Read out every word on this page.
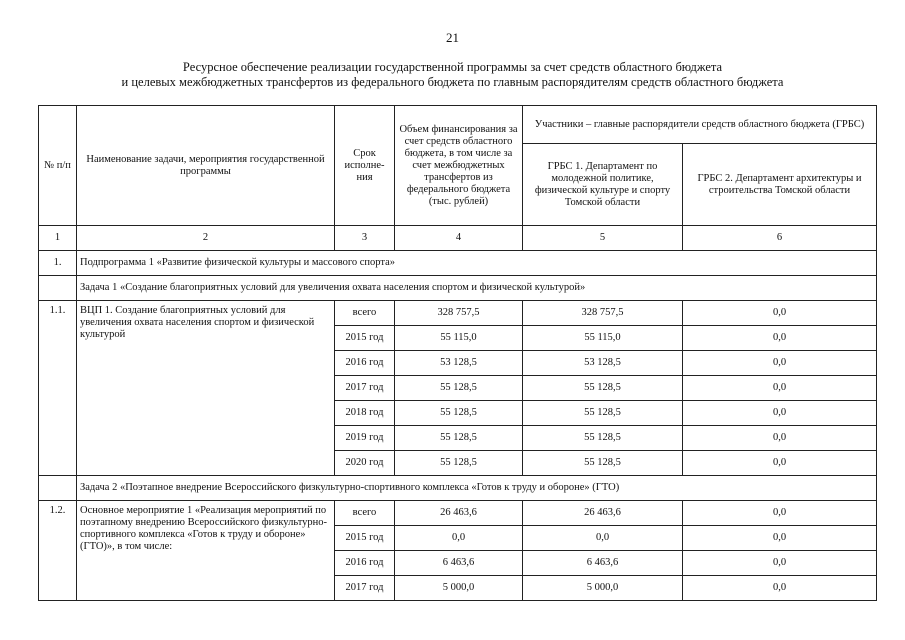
21
Ресурсное обеспечение реализации государственной программы за счет средств областного бюджета
и целевых межбюджетных трансфертов из федерального бюджета по главным распорядителям средств областного бюджета
№ п/п	Наименование задачи, мероприятия государственной программы	Срок исполне-ния	Объем финансирования за счет средств областного бюджета, в том числе за счет межбюджетных трансфертов из федерального бюджета (тыс. рублей)	Участники – главные распорядители средств областного бюджета (ГРБС)	
				ГРБС 1. Департамент по молодежной политике, физической культуре и спорту Томской области	ГРБС 2. Департамент архитектуры и строительства Томской области
1	2	3	4	5	6
1.	Подпрограмма 1 «Развитие физической культуры и массового спорта»				
	Задача 1 «Создание благоприятных условий для увеличения охвата населения спортом и физической культурой»				
1.1.	ВЦП 1. Создание благоприятных условий для увеличения охвата населения спортом и физической культурой	всего	328 757,5	328 757,5	0,0
		2015 год	55 115,0	55 115,0	0,0
		2016 год	53 128,5	53 128,5	0,0
		2017 год	55 128,5	55 128,5	0,0
		2018 год	55 128,5	55 128,5	0,0
		2019 год	55 128,5	55 128,5	0,0
		2020 год	55 128,5	55 128,5	0,0
	Задача 2 «Поэтапное внедрение Всероссийского физкультурно-спортивного комплекса «Готов к труду и обороне» (ГТО)				
1.2.	Основное мероприятие 1 «Реализация мероприятий по поэтапному внедрению Всероссийского физкультурно-спортивного комплекса «Готов к труду и обороне» (ГТО)», в том числе:	всего	26 463,6	26 463,6	0,0
		2015 год	0,0	0,0	0,0
		2016 год	6 463,6	6 463,6	0,0
		2017 год	5 000,0	5 000,0	0,0
